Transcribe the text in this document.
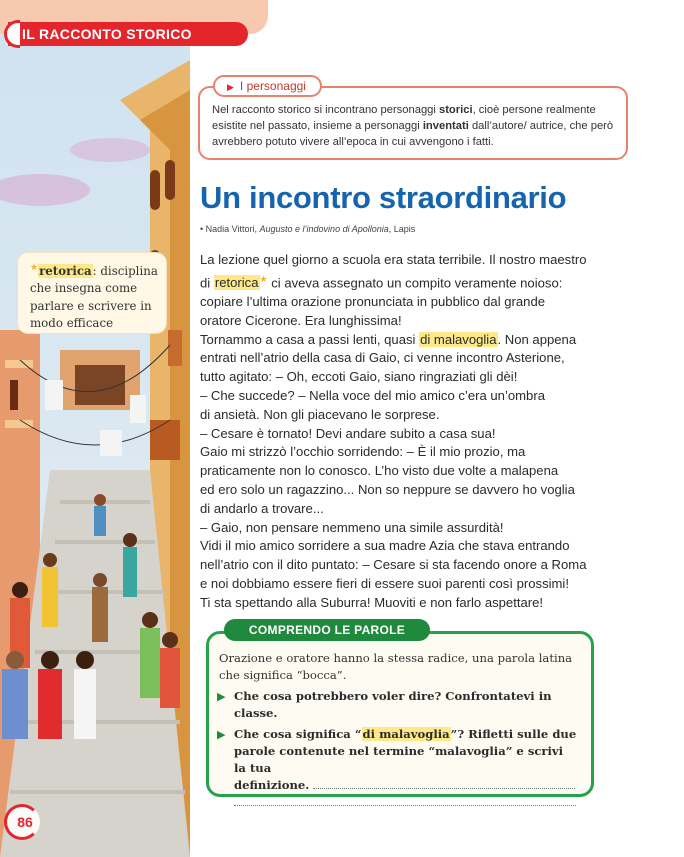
IL RACCONTO STORICO
Nel racconto storico si incontrano personaggi storici, cioè persone realmente esistite nel passato, insieme a personaggi inventati dall’autore/ autrice, che però avrebbero potuto vivere all’epoca in cui avvengono i fatti.
▶ I personaggi
Un incontro straordinario
• Nadia Vittori, Augusto e l’indovino di Apollonia, Lapis
★retorica: disciplina che insegna come parlare e scrivere in modo efficace

La lezione quel giorno a scuola era stata terribile. Il nostro maestro

di retorica★ ci aveva assegnato un compito veramente noioso:

copiare l’ultima orazione pronunciata in pubblico dal grande

oratore Cicerone. Era lunghissima!

Tornammo a casa a passi lenti, quasi di malavoglia. Non appena

entrati nell’atrio della casa di Gaio, ci venne incontro Asterione,

tutto agitato: – Oh, eccoti Gaio, siano ringraziati gli dèi!

– Che succede? – Nella voce del mio amico c’era un’ombra

di ansietà. Non gli piacevano le sorprese.

– Cesare è tornato! Devi andare subito a casa sua!

Gaio mi strizzò l’occhio sorridendo: – È il mio prozio, ma

praticamente non lo conosco. L’ho visto due volte a malapena

ed ero solo un ragazzino... Non so neppure se davvero ho voglia

di andarlo a trovare...

– Gaio, non pensare nemmeno una simile assurdità!

Vidi il mio amico sorridere a sua madre Azia che stava entrando

nell’atrio con il dito puntato: – Cesare si sta facendo onore a Roma

e noi dobbiamo essere fieri di essere suoi parenti così prossimi!

Ti sta spettando alla Suburra! Muoviti e non farlo aspettare!

Orazione e oratore hanno la stessa radice, una parola latina che significa “bocca”.
▶ Che cosa potrebbero voler dire? Confrontatevi in classe.
▶ Che cosa significa “di malavoglia”? Rifletti sulle due parole contenute nel termine “malavoglia” e scrivi la tua
definizione.
COMPRENDO LE PAROLE
86
